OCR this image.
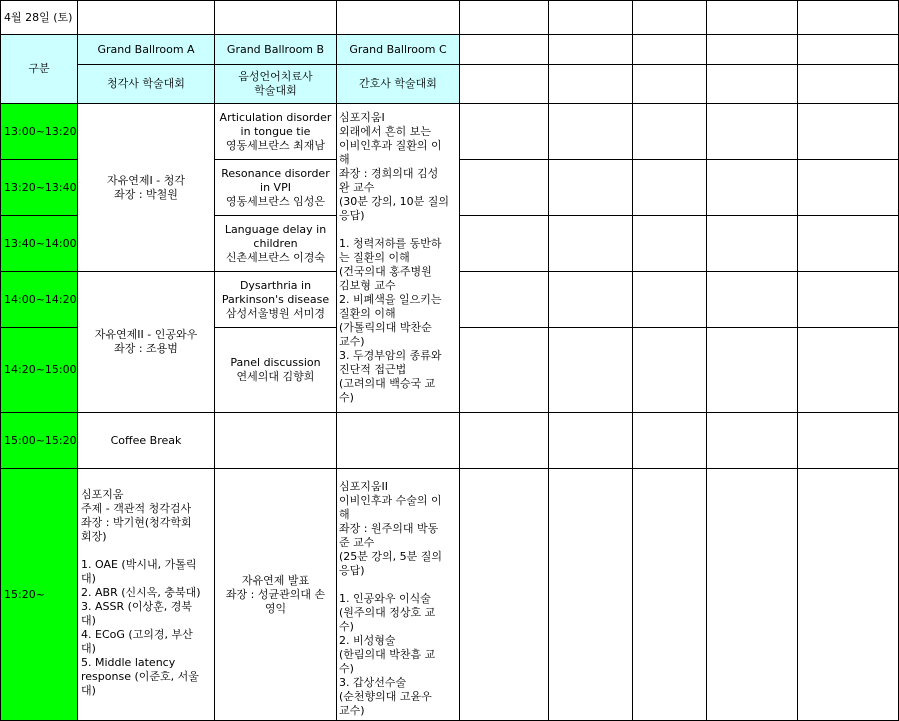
4월 28일 (토)
구분
Grand Ballroom A	Grand Ballroom B Grand Ballroom C
청각사 학술대회
음성언어치료사
학술대회
간호사 학술대회
13:00~13:20
13:20~13:40
13:40~14:00
14:00~14:20
14:20~15:00
15:00~15:20
15:20~
자유연제I - 청각
좌장 : 박철원
자유연제II - 인공와우
좌장 : 조용범
Coffee Break
심포지움
주제 - 객관적 청각검사
좌장 : 박기현(청각학회
회장)

1. OAE (박시내, 가톨릭
대)
2. ABR (신시옥, 충북대)
3. ASSR (이상훈, 경북
대)
4. ECoG (고의경, 부산
대)
5. Middle latency
response (이준호, 서울
대)
Articulation disorder
in tongue tie
영동세브란스 최재남
Resonance disorder
in VPI
영동세브란스 임성은
Language delay in
children
신촌세브란스 이경숙
Dysarthria in
Parkinson's disease
삼성서울병원 서미경
Panel discussion
연세의대 김향희
자유연제 발표
좌장 : 성균관의대 손
영익
심포지움I
외래에서 흔히 보는
이비인후과 질환의 이
해
좌장 : 경희의대 김성
완 교수
(30분 강의, 10분 질의
응답)

1. 청력저하를 동반하
는 질환의 이해
(건국의대 홍주병원
김보형 교수
2. 비폐색을 일으키는
질환의 이해
(가톨릭의대 박찬순
교수)
3. 두경부암의 종류와
진단적 접근법
(고려의대 백승국 교
수)
심포지움II
이비인후과 수술의 이
해
좌장 : 원주의대 박동
준 교수
(25분 강의, 5분 질의
응답)

1. 인공와우 이식술
(원주의대 정상호 교
수)
2. 비성형술
(한림의대 박찬흠 교
수)
3. 갑상선수술
(순천향의대 고윤우
교수)
